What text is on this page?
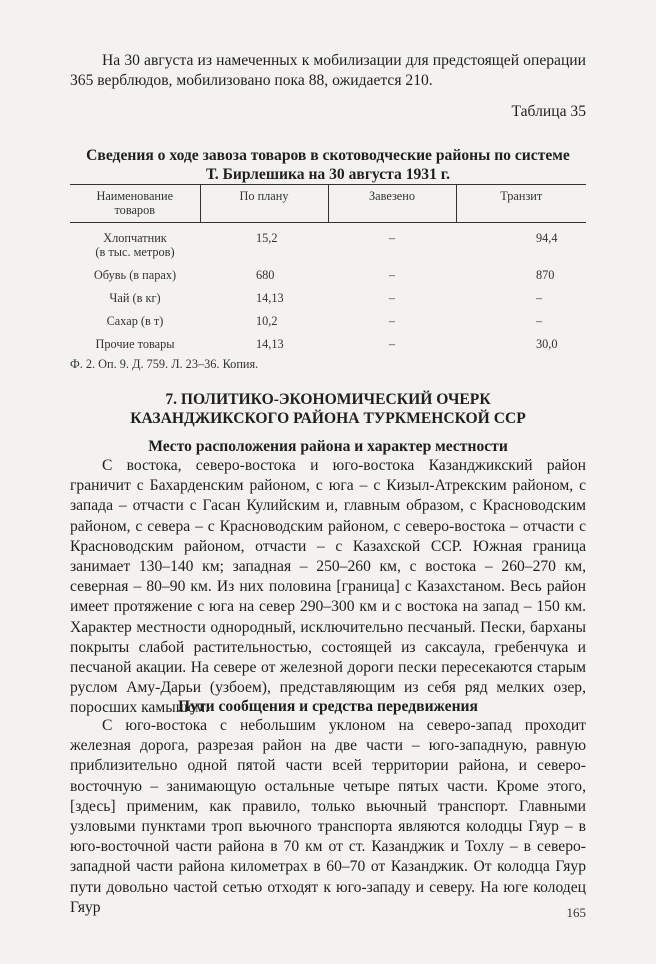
На 30 августа из намеченных к мобилизации для предстоящей операции 365 верблюдов, мобилизовано пока 88, ожидается 210.

Таблица 35
Сведения о ходе завоза товаров в скотоводческие районы по системе
Т. Бирлешика на 30 августа 1931 г.
Наименование
товаров	По плану	Завезено	Транзит

Хлопчатник
(в тыс. метров)	15,2	–	94,4
Обувь (в парах)	680	–	870
Чай (в кг)	14,13	–	–
Сахар (в т)	10,2	–	–
Прочие товары	14,13	–	30,0
Ф. 2. Оп. 9. Д. 759. Л. 23–36. Копия.
7. ПОЛИТИКО-ЭКОНОМИЧЕСКИЙ ОЧЕРК
КАЗАНДЖИКСКОГО РАЙОНА ТУРКМЕНСКОЙ ССР
Место расположения района и характер местности

С востока, северо-востока и юго-востока Казанджикский район граничит с Бахарденским районом, с юга – с Кизыл-Атрекским районом, с запада – отчасти с Гасан Кулийским и, главным образом, с Красноводским районом, с севера – с Красноводским районом, с северо-востока – отчасти с Красноводским районом, отчасти – с Казахской ССР. Южная граница занимает 130–140 км; западная – 250–260 км, с востока – 260–270 км, северная – 80–90 км. Из них половина [граница] с Казахстаном. Весь район имеет протяжение с юга на север 290–300 км и с востока на запад – 150 км. Характер местности однородный, исключительно песчаный. Пески, барханы покрыты слабой растительностью, состоящей из саксаула, гребенчука и песчаной акации. На севере от железной дороги пески пересекаются старым руслом Аму-Дарьи (узбоем), представляющим из себя ряд мелких озер, поросших камышом.

Пути сообщения и средства передвижения

С юго-востока с небольшим уклоном на северо-запад проходит железная дорога, разрезая район на две части – юго-западную, равную приблизительно одной пятой части всей территории района, и северо-восточную – занимающую остальные четыре пятых части. Кроме этого, [здесь] применим, как правило, только вьючный транспорт. Главными узловыми пунктами троп вьючного транспорта являются колодцы Гяур – в юго-восточной части района в 70 км от ст. Казанджик и Тохлу – в северо-западной части района километрах в 60–70 от Казанджик. От колодца Гяур пути довольно частой сетью отходят к юго-западу и северу. На юге колодец Гяур	165
